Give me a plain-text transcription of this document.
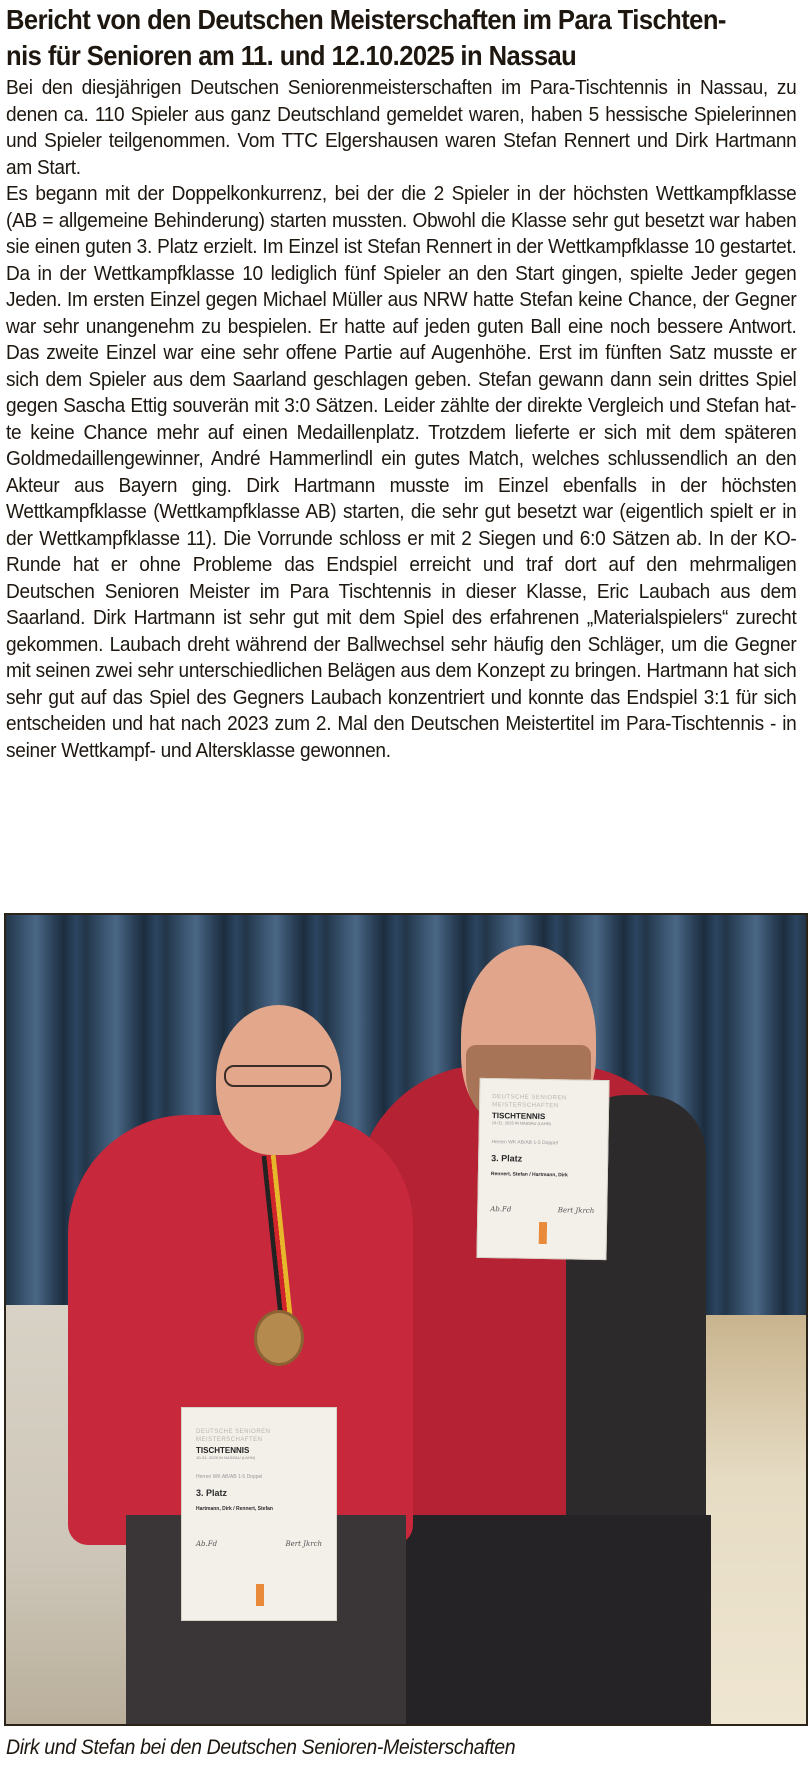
Bericht von den Deutschen Meisterschaften im Para Tischten-
nis für Senioren am 11. und 12.10.2025 in Nassau

Bei den diesjährigen Deutschen Seniorenmeisterschaften im Para-Tischtennis in Nassau, zu denen ca. 110 Spieler aus ganz Deutschland gemeldet waren, haben 5 hessische Spielerinnen und Spieler teilgenommen. Vom TTC Elgershausen waren Stefan Rennert und Dirk Hartmann am Start.

Es begann mit der Doppelkonkurrenz, bei der die 2 Spieler in der höchsten Wettkampfklasse (AB = allgemeine Behinderung) starten mussten. Obwohl die Klasse sehr gut besetzt war haben sie einen guten 3. Platz erzielt. Im Einzel ist Stefan Rennert in der Wettkampfklasse 10 gestartet. Da in der Wettkampfklasse 10 lediglich fünf Spieler an den Start gingen, spielte Jeder gegen Jeden. Im ersten Einzel gegen Michael Müller aus NRW hatte Stefan keine Chance, der Gegner war sehr unangenehm zu bespielen. Er hatte auf jeden guten Ball eine noch bessere Antwort. Das zweite Einzel war eine sehr offene Partie auf Augenhöhe. Erst im fünften Satz musste er sich dem Spieler aus dem Saarland geschlagen geben. Stefan gewann dann sein drittes Spiel gegen Sascha Ettig souverän mit 3:0 Sätzen. Leider zählte der direkte Vergleich und Stefan hatte keine Chance mehr auf einen Medaillenplatz. Trotzdem lieferte er sich mit dem späteren Goldmedaillengewinner, André Hammerlindl ein gutes Match, welches schlussendlich an den Akteur aus Bayern ging. Dirk Hartmann musste im Einzel ebenfalls in der höchsten Wettkampfklasse (Wettkampfklasse AB) starten, die sehr gut besetzt war (eigentlich spielt er in der Wettkampfklasse 11). Die Vorrunde schloss er mit 2 Siegen und 6:0 Sätzen ab. In der KO-Runde hat er ohne Probleme das Endspiel erreicht und traf dort auf den mehrmaligen Deutschen Senioren Meister im Para Tischtennis in dieser Klasse, Eric Laubach aus dem Saarland. Dirk Hartmann ist sehr gut mit dem Spiel des erfahrenen „Materialspielers“ zurecht gekommen. Laubach dreht während der Ballwechsel sehr häufig den Schläger, um die Gegner mit seinen zwei sehr unterschiedlichen Belägen aus dem Konzept zu bringen. Hartmann hat sich sehr gut auf das Spiel des Gegners Laubach konzentriert und konnte das Endspiel 3:1 für sich entscheiden und hat nach 2023 zum 2. Mal den Deutschen Meistertitel im Para-Tischtennis - in seiner Wettkampf- und Altersklasse gewonnen.

DEUTSCHE SENIOREN MEISTERSCHAFTEN
TISCHTENNIS
10./11. 2025 IN NASSAU (LAHN)
Herren WK AB/AB 1-5 Doppel
3. Platz
Rennert, Stefan / Hartmann, Dirk
Ab.Fd	Bert Jkrch
DEUTSCHE SENIOREN MEISTERSCHAFTEN
TISCHTENNIS
10./11. 2025 IN NASSAU (LAHN)
Herren WK AB/AB 1-5 Doppel
3. Platz
Hartmann, Dirk / Rennert, Stefan
Ab.Fd	Bert Jkrch
Dirk und Stefan bei den Deutschen Senioren-Meisterschaften
